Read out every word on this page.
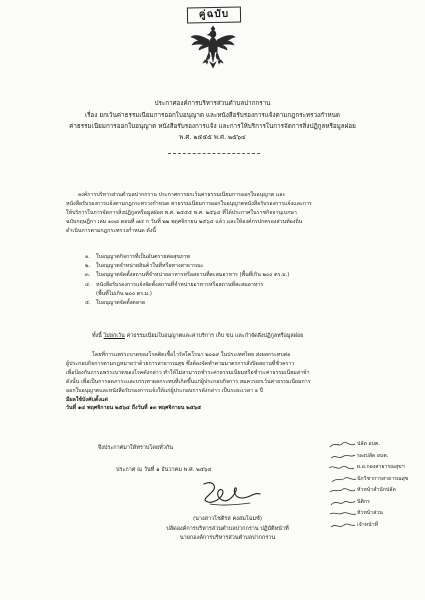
คู่ฉบับ
ประกาศองค์การบริหารส่วนตำบลปากกราน
เรื่อง ยกเว้นค่าธรรมเนียมการออกใบอนุญาต และหนังสือรับรองการแจ้งตามกฎกระทรวงกำหนด
ค่าธรรมเนียมการออกใบอนุญาต หนังสือรับรองการแจ้ง และการให้บริการในการจัดการสิ่งปฏิกูลหรือมูลฝอย
พ.ศ. ๒๕๕๕ พ.ศ. ๒๕๖๔
องค์การบริหารส่วนตำบลปากกราน ประกาศการยกเว้นค่าธรรมเนียมการออกใบอนุญาต และ
หนังสือรับรองการแจ้งตามกฎกระทรวงกำหนด ค่าธรรมเนียมการออกใบอนุญาตหนังสือรับรองการแจ้งและการ
ให้บริการในการจัดการสิ่งปฏิกูลหรือมูลฝอย พ.ศ. ๒๕๕๕ พ.ศ. ๒๕๖๔ ที่ได้ประกาศในราชกิจจานุเบกษา
ฉบับกฤษฎีกา เล่ม ๑๓๘ ตอนที่ ๗๔ ก วันที่ ๒๒ พฤศจิกายน ๒๕๖๔ แล้ว และให้องค์กรปกครองส่วนท้องถิ่น
ดำเนินการตามกฎกระทรวงกำหนด ดังนี้
๑. ใบอนุญาตกิจการที่เป็นอันตรายต่อสุขภาพ
๒. ใบอนุญาตจำหน่ายสินค้าในที่หรือทางสาธารณะ
๓. ใบอนุญาตจัดตั้งสถานที่จำหน่ายอาหารหรือสถานที่สะสมอาหาร (พื้นที่เกิน ๒๐๐ ตร.ม.)
๔. หนังสือรับรองการแจ้งจัดตั้งสถานที่จำหน่ายอาหารหรือสถานที่สะสมอาหาร
(พื้นที่ไม่เกิน ๒๐๐ ตร.ม.)
๕. ใบอนุญาตจัดตั้งตลาด
ทั้งนี้ ไม่ยกเว้น ค่าธรรมเนียมใบอนุญาตและค่าบริการ เก็บ ขน และกำจัดสิ่งปฏิกูลหรือมูลฝอย
โดยที่การแพร่ระบาดของโรคติดเชื้อไวรัสโคโรนา ๒๐๑๙ ในประเทศไทย ส่งผลกระทบต่อ
ผู้ประกอบกิจการตามกฎหมายว่าด้วยการสาธารณสุข ซึ่งต้องจัดทำตามมาตรการสั่งปิดสถานที่ชั่วคราว
เพื่อป้องกันการแพร่ระบาดของโรคดังกล่าว ทำให้ไม่สามารถชำระค่าธรรมเนียมหรือชำระค่าธรรมเนียมล่าช้า
ดังนั้น เพื่อเป็นการลดภาระและบรรเทาผลกระทบที่เกิดขึ้นแก่ผู้ประกอบกิจการ สมควรยกเว้นค่าธรรมเนียมการ
ออกใบอนุญาตและหนังสือรับรองการแจ้งให้แก่ผู้ประกอบการดังกล่าว เป็นระยะเวลา ๑ ปี
มีผลใช้บังคับตั้งแต่
วันที่ ๑๔ พฤศจิกายน ๒๕๖๔ ถึงวันที่ ๑๓ พฤศจิกายน ๒๕๖๕
จึงประกาศมาให้ทราบโดยทั่วกัน
ประกาศ ณ วันที่ ๑ ธันวาคม พ.ศ. ๒๕๖๔
(นางสาวโชติรส คงสมโฉมซ์)
ปลัดองค์การบริหารส่วนตำบลปากกราน ปฏิบัติหน้าที่
นายกองค์การบริหารส่วนตำบลปากกราน
ปลัด อบต.
รองปลัด อบต.
ผ.อ.กองสาธารณสุขฯ
นักวิชาการสาธารณสุข
หัวหน้าสำนักปลัด
นิติกร
หัวหน้าส่วน
เจ้าหน้าที่
